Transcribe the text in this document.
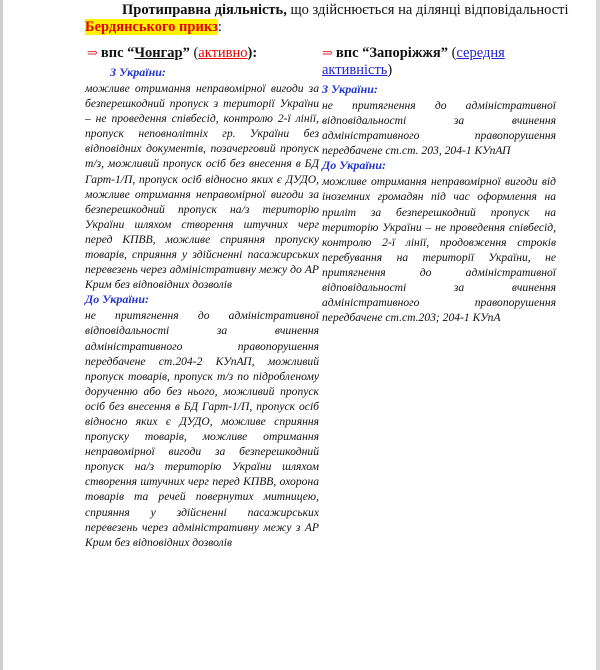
Протиправна діяльність, що здійснюється на ділянці відповідальності
Бердянського прикз:
⇒ впс “Чонгар” (активно):
З України:
можливе отримання неправомірної вигоди за безперешкодний пропуск з території України – не проведення співбесід, контролю 2-ї лінії, пропуск неповнолітніх гр. України без відповідних документів, позачерговий пропуск т/з, можливий пропуск осіб без внесення в БД Гарт-1/П, пропуск осіб відносно яких є ДУДО, можливе отримання неправомірної вигоди за безперешкодний пропуск на/з територію України шляхом створення штучних черг перед КПВВ, можливе сприяння пропуску товарів, сприяння у здійсненні пасажирських перевезень через адміністративну межу до АР Крим без відповідних дозволів
До України:
не притягнення до адміністративної відповідальності за вчинення адміністративного правопорушення передбачене ст.204-2 КУпАП, можливий пропуск товарів, пропуск т/з по підробленому дорученню або без нього, можливий пропуск осіб без внесення в БД Гарт-1/П, пропуск осіб відносно яких є ДУДО, можливе сприяння пропуску товарів, можливе отримання неправомірної вигоди за безперешкодний пропуск на/з територію України шляхом створення штучних черг перед КПВВ, охорона товарів та речей повернутих митницею, сприяння у здійсненні пасажирських перевезень через адміністративну межу з АР Крим без відповідних дозволів
⇒ впс “Запоріжжя” (середня активність)
З України:
не притягнення до адміністративної відповідальності за вчинення адміністративного правопорушення передбачене ст.ст. 203, 204-1 КУпАП
До України:
можливе отримання неправомірної вигоди від іноземних громадян під час оформлення на приліт за безперешкодний пропуск на територію України – не проведення співбесід, контролю 2-ї лінії, продовження строків перебування на території України, не притягнення до адміністративної відповідальності за вчинення адміністративного правопорушення передбачене ст.ст.203; 204-1 КУпА
